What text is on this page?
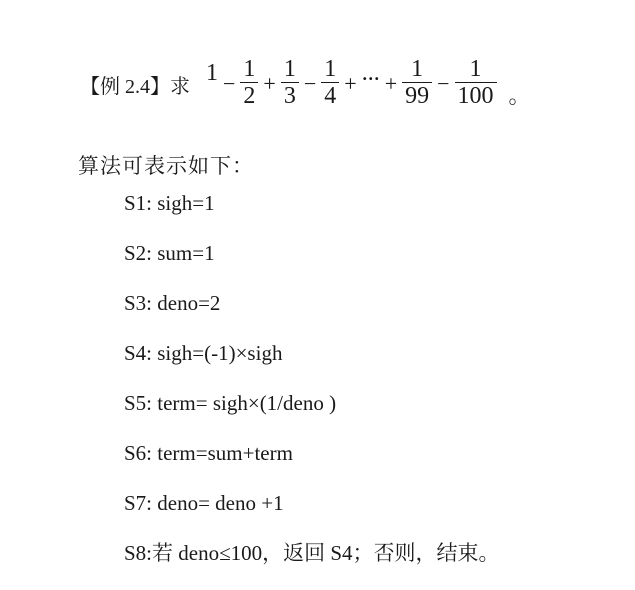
【例 2.4】求
$1 - \frac{1}{2} + \frac{1}{3} - \frac{1}{4}$ + ... + $\frac{1}{99} - \frac{1}{100}$ 。
算法可表示如下：
S1: sigh=1
S2: sum=1
S3: deno=2
S4: sigh=(-1)×sigh
S5: term= sigh×(1/deno )
S6: term=sum+term
S7: deno= deno +1
S8:若 deno≤100，返回 S4；否则，结束。
